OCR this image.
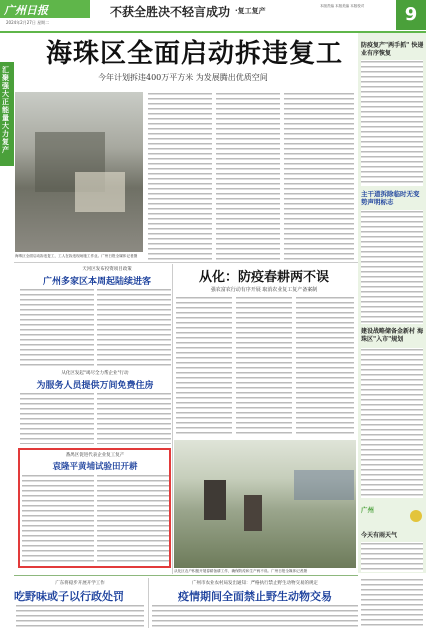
广州日报
2024年2月27日 星期二
不获全胜决不轻言成功 ·复工复产
本版责编 本版美编 本版校对	9
汇聚强大正能量 大力复产
海珠区全面启动拆违复工
今年计划拆违400万平方米 为发展腾出优质空间
海珠区全面启动拆违复工，工人在拆违现场施工作业。广州日报全媒体记者摄
防疫复产"两手抓" 快递业有序恢复
主干道拆除临时无变势声明标志
建设战略储备金新村 海珠区"入市"规划
广州
今天有雨天气
天河区发布投资项目政策
广州多家区本周起陆续进客
从化区发起"竭尽全力帮企业"行动
为服务人员提供万间免费住房
番禺区促进代表企业复工复产
袁隆平黄埔试验田开耕
从化：防疫春耕两不误
强农富农行动有序开展 取消农业复工复产备案制
从化区农户积极开展春耕备耕工作，确保防疫和生产两不误。广州日报全媒体记者摄
广东将稳步开展开学工作
吃野味或子以行政处罚
广州市农业农村局发出通知：严格执行禁止野生动物交易的规定
疫情期间全面禁止野生动物交易
